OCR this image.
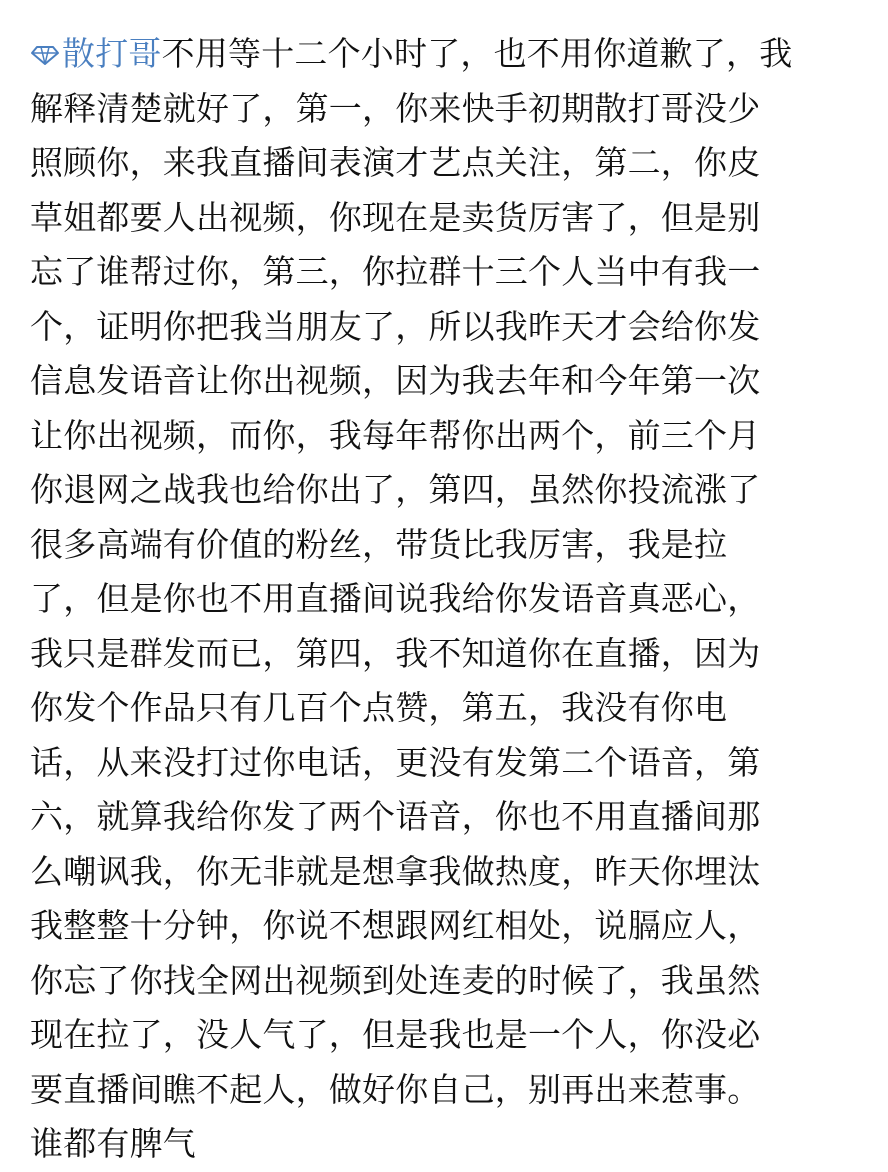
散打哥不用等十二个小时了，也不用你道歉了，我
解释清楚就好了，第一，你来快手初期散打哥没少
照顾你，来我直播间表演才艺点关注，第二，你皮
草姐都要人出视频，你现在是卖货厉害了，但是别
忘了谁帮过你，第三，你拉群十三个人当中有我一
个，证明你把我当朋友了，所以我昨天才会给你发
信息发语音让你出视频，因为我去年和今年第一次
让你出视频，而你，我每年帮你出两个，前三个月
你退网之战我也给你出了，第四，虽然你投流涨了
很多高端有价值的粉丝，带货比我厉害，我是拉
了，但是你也不用直播间说我给你发语音真恶心，
我只是群发而已，第四，我不知道你在直播，因为
你发个作品只有几百个点赞，第五，我没有你电
话，从来没打过你电话，更没有发第二个语音，第
六，就算我给你发了两个语音，你也不用直播间那
么嘲讽我，你无非就是想拿我做热度，昨天你埋汰
我整整十分钟，你说不想跟网红相处，说膈应人，
你忘了你找全网出视频到处连麦的时候了，我虽然
现在拉了，没人气了，但是我也是一个人，你没必
要直播间瞧不起人，做好你自己，别再出来惹事。
谁都有脾气
